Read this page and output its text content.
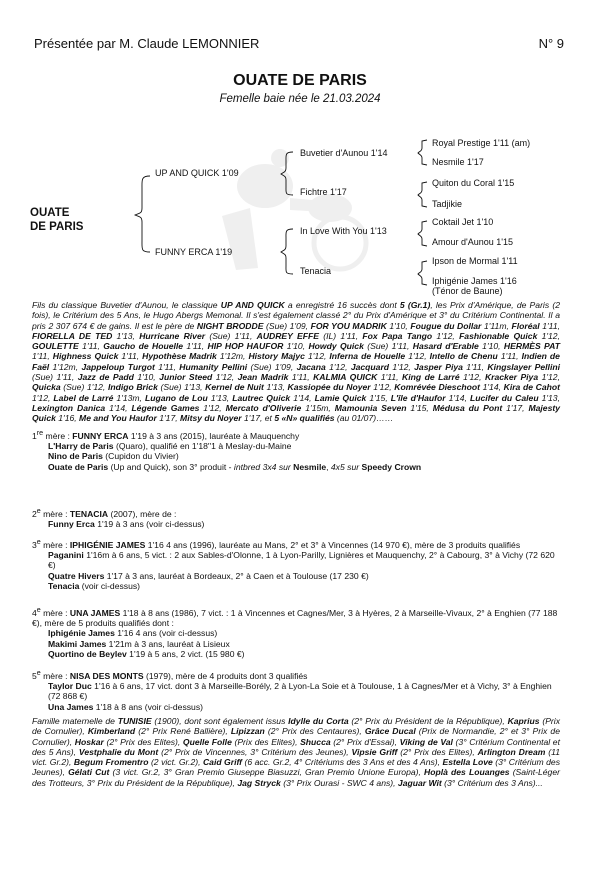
Présentée par M. Claude LEMONNIER	N° 9
OUATE DE PARIS
Femelle baie née le 21.03.2024
UP AND QUICK 1'09
FUNNY ERCA 1'19
Buvetier d'Aunou 1'14
Fichtre 1'17
In Love With You 1'13
Tenacia
Royal Prestige 1'11 (am)
Nesmile 1'17
Quiton du Coral 1'15
Tadjikie
Coktail Jet 1'10
Amour d'Aunou 1'15
Ipson de Mormal 1'11
Iphigénie James 1'16
(Ténor de Baune)
OUATE
DE PARIS
Fils du classique Buvetier d'Aunou, le classique UP AND QUICK a enregistré 16 succès dont 5 (Gr.1), les Prix d'Amérique, de Paris (2 fois), le Critérium des 5 Ans, le Hugo Abergs Memonal. Il s'est également classé 2° du Prix d'Amérique et 3° du Critérium Continental. Il a pris 2 307 674 € de gains. Il est le père de NIGHT BRODDE (Sue) 1'09, FOR YOU MADRIK 1'10, Fougue du Dollar 1'11m, Floréal 1'11, FIORELLA DE TED 1'13, Hurricane River (Sue) 1'11, AUDREY EFFE (IL) 1'11, Fox Papa Tango 1'12, Fashionable Quick 1'12, GOULETTE 1'11, Gaucho de Houelle 1'11, HIP HOP HAUFOR 1'10, Howdy Quick (Sue) 1'11, Hasard d'Erable 1'10, HERMÈS PAT 1'11, Highness Quick 1'11, Hypothèse Madrik 1'12m, History Majyc 1'12, Inferna de Houelle 1'12, Intello de Chenu 1'11, Indien de Faël 1'12m, Jappeloup Turgot 1'11, Humanity Pellini (Sue) 1'09, Jacana 1'12, Jacquard 1'12, Jasper Piya 1'11, Kingslayer Pellini (Sue) 1'11, Jazz de Padd 1'10, Junior Steed 1'12, Jean Madrik 1'11, KALMIA QUICK 1'11, King de Larré 1'12, Kracker Piya 1'12, Quicka (Sue) 1'12, Indigo Brick (Sue) 1'13, Kernel de Nuit 1'13, Kassiopée du Noyer 1'12, Komrévée Dieschoot 1'14, Kira de Cahot 1'12, Label de Larré 1'13m, Lugano de Lou 1'13, Lautrec Quick 1'14, Lamie Quick 1'15, L'île d'Haufor 1'14, Lucifer du Caleu 1'13, Lexington Danica 1'14, Légende Games 1'12, Mercato d'Oliverie 1'15m, Mamounia Seven 1'15, Médusa du Pont 1'17, Majesty Quick 1'16, Me and You Haufor 1'17, Mitsy du Noyer 1'17, et 5 «N» qualifiés (au 01/07)……
1re mère : FUNNY ERCA 1'19 à 3 ans (2015), lauréate à Mauquenchy
L'Harry de Paris (Quaro), qualifié en 1'18''1 à Meslay-du-Maine
Nino de Paris (Cupidon du Vivier)
Ouate de Paris (Up and Quick), son 3° produit - intbred 3x4 sur Nesmile, 4x5 sur Speedy Crown
2e mère : TENACIA (2007), mère de :
Funny Erca 1'19 à 3 ans (voir ci-dessus)
3e mère : IPHIGÉNIE JAMES 1'16 4 ans (1996), lauréate au Mans, 2° et 3° à Vincennes (14 970 €), mère de 3 produits qualifiés
Paganini 1'16m à 6 ans, 5 vict. : 2 aux Sables-d'Olonne, 1 à Lyon-Parilly, Lignières et Mauquenchy, 2° à Cabourg, 3° à Vichy (72 620 €)
Quatre Hivers 1'17 à 3 ans, lauréat à Bordeaux, 2° à Caen et à Toulouse (17 230 €)
Tenacia (voir ci-dessus)
4e mère : UNA JAMES 1'18 à 8 ans (1986), 7 vict. : 1 à Vincennes et Cagnes/Mer, 3 à Hyères, 2 à Marseille-Vivaux, 2° à Enghien (77 188 €), mère de 5 produits qualifiés dont :
Iphigénie James 1'16 4 ans (voir ci-dessus)
Makimi James 1'21m à 3 ans, lauréat à Lisieux
Quortino de Beylev 1'19 à 5 ans, 2 vict. (15 980 €)
5e mère : NISA DES MONTS (1979), mère de 4 produits dont 3 qualifiés
Taylor Duc 1'16 à 6 ans, 17 vict. dont 3 à Marseille-Borély, 2 à Lyon-La Soie et à Toulouse, 1 à Cagnes/Mer et à Vichy, 3° à Enghien (72 868 €)
Una James 1'18 à 8 ans (voir ci-dessus)
Famille maternelle de TUNISIE (1900), dont sont également issus Idylle du Corta (2° Prix du Président de la République), Kaprius (Prix de Cornulier), Kimberland (2° Prix René Ballière), Lipizzan (2° Prix des Centaures), Grâce Ducal (Prix de Normandie, 2° et 3° Prix de Cornulier), Hoskar (2° Prix des Elites), Quelle Folle (Prix des Elites), Shucca (2° Prix d'Essai), Viking de Val (3° Critérium Continental et des 5 Ans), Vestphalie du Mont (2° Prix de Vincennes, 3° Critérium des Jeunes), Vipsie Griff (2° Prix des Elites), Arlington Dream (11 vict. Gr.2), Begum Fromentro (2 vict. Gr.2), Caid Griff (6 acc. Gr.2, 4° Critériums des 3 Ans et des 4 Ans), Estella Love (3° Critérium des Jeunes), Gélati Cut (3 vict. Gr.2, 3° Gran Premio Giuseppe Biasuzzi, Gran Premio Unione Europa), Hoplà des Louanges (Saint-Léger des Trotteurs, 3° Prix du Président de la République), Jag Stryck (3° Prix Ourasi - SWC 4 ans), Jaguar Wit (3° Critérium des 3 Ans)...
